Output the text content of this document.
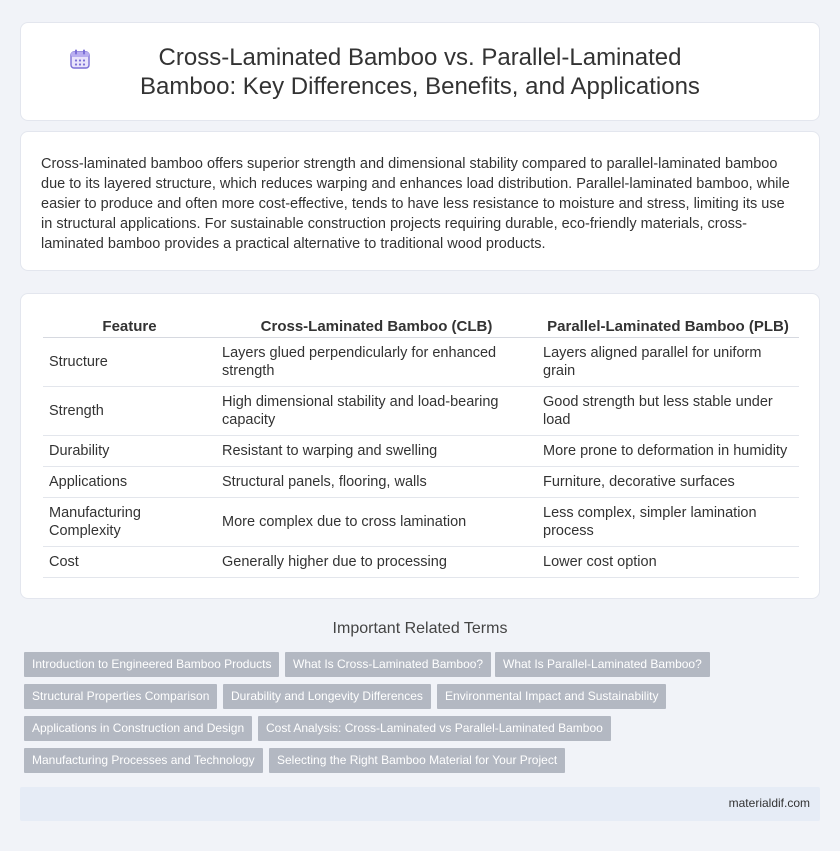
Cross-Laminated Bamboo vs. Parallel-Laminated Bamboo: Key Differences, Benefits, and Applications

Cross-laminated bamboo offers superior strength and dimensional stability compared to parallel-laminated bamboo due to its layered structure, which reduces warping and enhances load distribution. Parallel-laminated bamboo, while easier to produce and often more cost-effective, tends to have less resistance to moisture and stress, limiting its use in structural applications. For sustainable construction projects requiring durable, eco-friendly materials, cross-laminated bamboo provides a practical alternative to traditional wood products.

Feature	Cross-Laminated Bamboo (CLB)	Parallel-Laminated Bamboo (PLB)
Structure	Layers glued perpendicularly for enhanced strength	Layers aligned parallel for uniform grain
Strength	High dimensional stability and load-bearing capacity	Good strength but less stable under load
Durability	Resistant to warping and swelling	More prone to deformation in humidity
Applications	Structural panels, flooring, walls	Furniture, decorative surfaces
Manufacturing Complexity	More complex due to cross lamination	Less complex, simpler lamination process
Cost	Generally higher due to processing	Lower cost option
Important Related Terms
Introduction to Engineered Bamboo Products	What Is Cross-Laminated Bamboo?	What Is Parallel-Laminated Bamboo?
Structural Properties Comparison	Durability and Longevity Differences	Environmental Impact and Sustainability
Applications in Construction and Design	Cost Analysis: Cross-Laminated vs Parallel-Laminated Bamboo
Manufacturing Processes and Technology	Selecting the Right Bamboo Material for Your Project
materialdif.com
